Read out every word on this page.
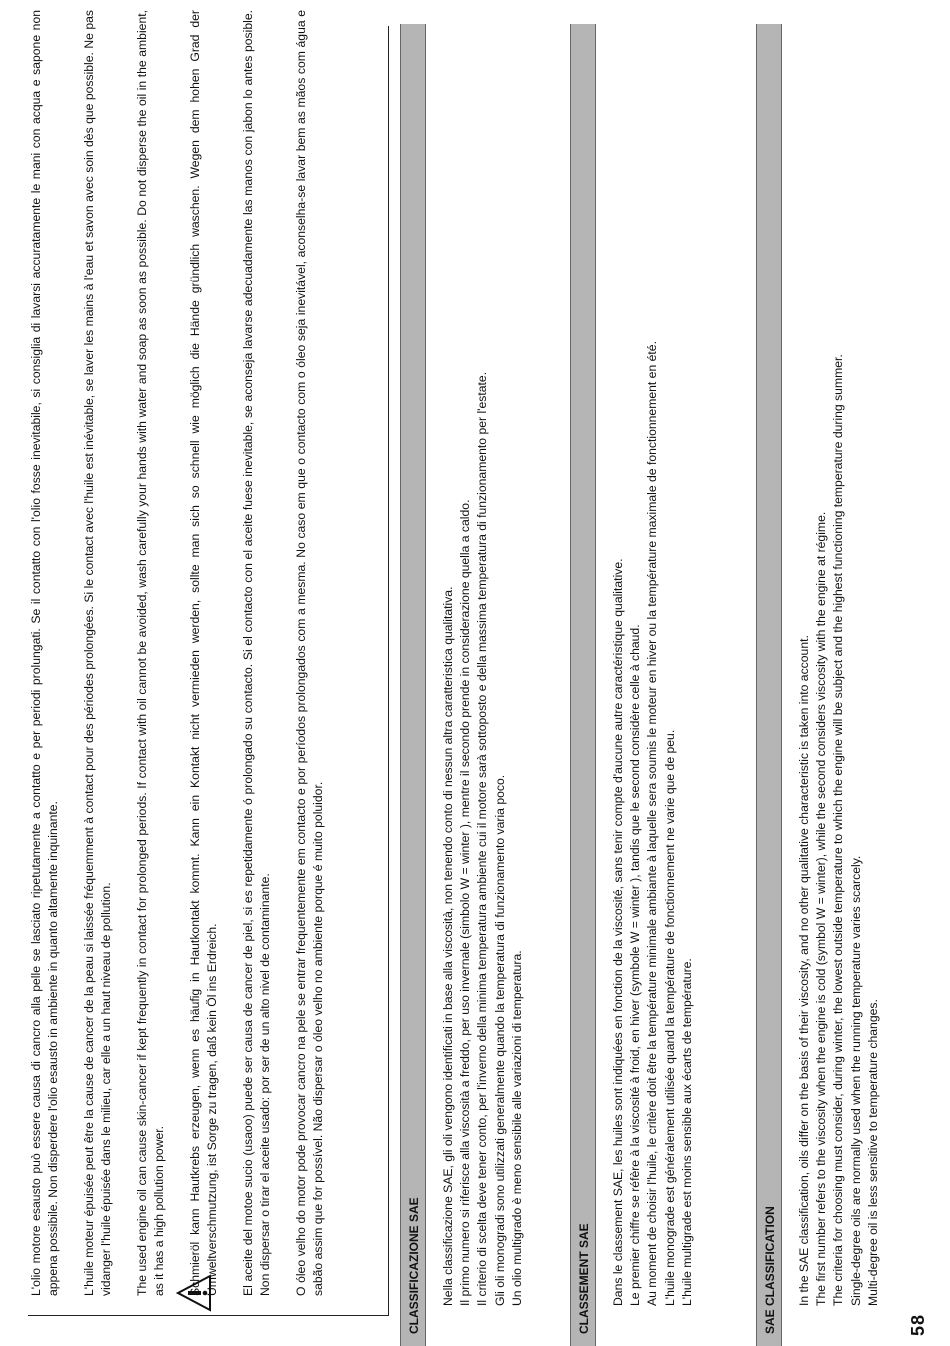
L'olio motore esausto può essere causa di cancro alla pelle se lasciato ripetutamente a contatto e per periodi prolungati. Se il contatto con l'olio fosse inevitabile, si consiglia di lavarsi accuratamente le mani con acqua e sapone non appena possibile. Non disperdere l'olio esausto in ambiente in quanto altamente inquinante. L'huile moteur épuisée peut être la cause de cancer de la peau si laissée fréquemment à contact pour des périodes prolongées. Si le contact avec l'huile est inévitable, se laver les mains à l'eau et savon avec soin dès que possible. Ne pas vidanger l'huile épuisée dans le milieu, car elle a un haut niveau de pollution. The used engine oil can cause skin-cancer if kept frequently in contact for prolonged periods. If contact with oil cannot be avoided, wash carefully your hands with water and soap as soon as possible. Do not disperse the oil in the ambient, as it has a high pollution power. Schmieröl kann Hautkrebs erzeugen, wenn es häufig in Hautkontakt kommt. Kann ein Kontakt nicht vermieden werden, sollte man sich so schnell wie möglich die Hände gründlich waschen. Wegen dem hohen Grad der Umweltverschmutzung, ist Sorge zu tragen, daß kein Öl ins Erdreich. El aceite del motoe sucio (usaoo) puede ser causa de cancer de piel, si es repetidamente ó prolongado su contacto. Si el contacto con el aceite fuese inevitable, se aconseja lavarse adecuadamente las manos con jabon lo antes posible. Non dispersar o tirar el aceite usado: por ser de un alto nivel de contaminante. O óleo velho do motor pode provocar cancro na pele se entrar frequentemente em contacto e por períodos prolongados com a mesma. No caso em que o contacto com o óleo seja inevitável, aconselha-se lavar bem as mãos com água e sabão assim que for possível. Não dispersar o óleo velho no ambiente porque é muito poluidor.	CLASSIFICAZIONE SAE	Nella classificazione SAE, gli oli vengono identificati in base alla viscosità, non tenendo conto di nessun altra caratteristica qualitativa. Il primo numero si riferisce alla viscosità a freddo, per uso invernale (simbolo W = winter ), mentre il secondo prende in considerazione quella a caldo. Il criterio di scelta deve tener conto, per l'inverno della minima temperatura ambiente cui il motore sarà sottoposto e della massima temperatura di funzionamento per l'estate. Gli oli monogradi sono utilizzati generalmente quando la temperatura di funzionamento varia poco. Un olio multigrado è meno sensibile alle variazioni di temperatura.	CLASSEMENT SAE	Dans le classement SAE, les huiles sont indiquées en fonction de la viscosité, sans tenir compte d'aucune autre caractéristique qualitative. Le premier chiffre se réfère à la viscosité à froid, en hiver (symbole W = winter ), tandis que le second considère celle à chaud. Au moment de choisir l'huile, le critère doit être la température minimale ambiante à laquelle sera soumis le moteur en hiver ou la température maximale de fonctionnement en été. L'huile monograde est généralement utilisée quand la température de fonctionnement ne varie que de peu. L'huile multigrade est moins sensible aux écarts de température.	SAE CLASSIFICATION	In the SAE classification, oils differ on the basis of their viscosity, and no other qualitative characteristic is taken into account. The first number refers to the viscosity when the engine is cold (symbol W = winter), while the second considers viscosity with the engine at régime. The criteria for choosing must consider, during winter, the lowest outside temperature to which the engine will be subject and the highest functioning temperature during summer. Single-degree oils are normally used when the running temperature varies scarcely. Multi-degree oil is less sensitive to temperature changes.
58
